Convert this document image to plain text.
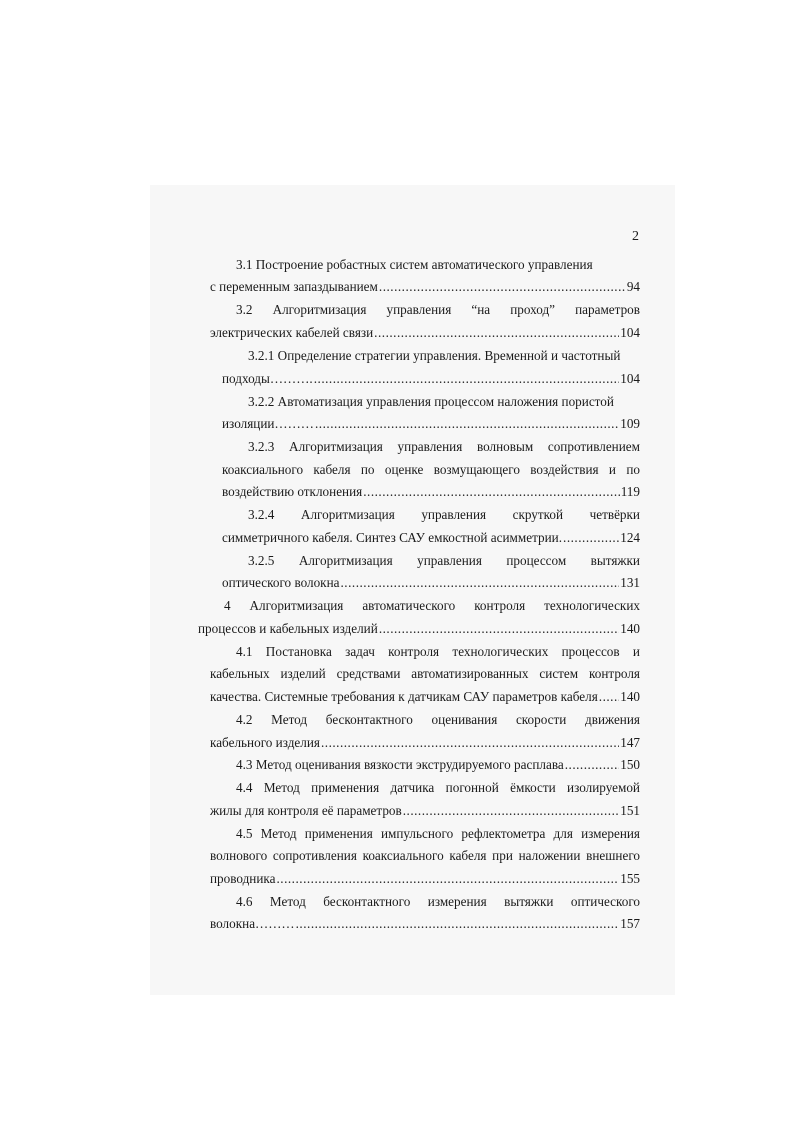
2
3.1 Построение робастных систем автоматического управления
с переменным запаздыванием .....	94
3.2 Алгоритмизация управления “на проход” параметров
электрических кабелей связи .....	104
3.2.1 Определение стратегии управления. Временной и частотный
подходы………. .....	104
3.2.2 Автоматизация управления процессом наложения пористой
изоляции……… .....	109
3.2.3 Алгоритмизация управления волновым сопротивлением
коаксиального кабеля по оценке возмущающего воздействия и по
воздействию отклонения .....	119
3.2.4 Алгоритмизация управления скруткой четвёрки
симметричного кабеля. Синтез САУ емкостной асимметрии. .....	124
3.2.5 Алгоритмизация управления процессом вытяжки
оптического волокна .....	131
4 Алгоритмизация автоматического контроля технологических
процессов и кабельных изделий .....	140
4.1 Постановка задач контроля технологических процессов и
кабельных изделий средствами автоматизированных систем контроля
качества. Системные требования к датчикам САУ параметров кабеля ..... 140
4.2 Метод бесконтактного оценивания скорости движения
кабельного изделия .....	147
4.3 Метод оценивания вязкости экструдируемого расплава .....	150
4.4 Метод применения датчика погонной ёмкости изолируемой
жилы для контроля её параметров .....	151
4.5 Метод применения импульсного рефлектометра для измерения
волнового сопротивления коаксиального кабеля при наложении внешнего
проводника .....	155
4.6 Метод бесконтактного измерения вытяжки оптического
волокна……… .....	157
